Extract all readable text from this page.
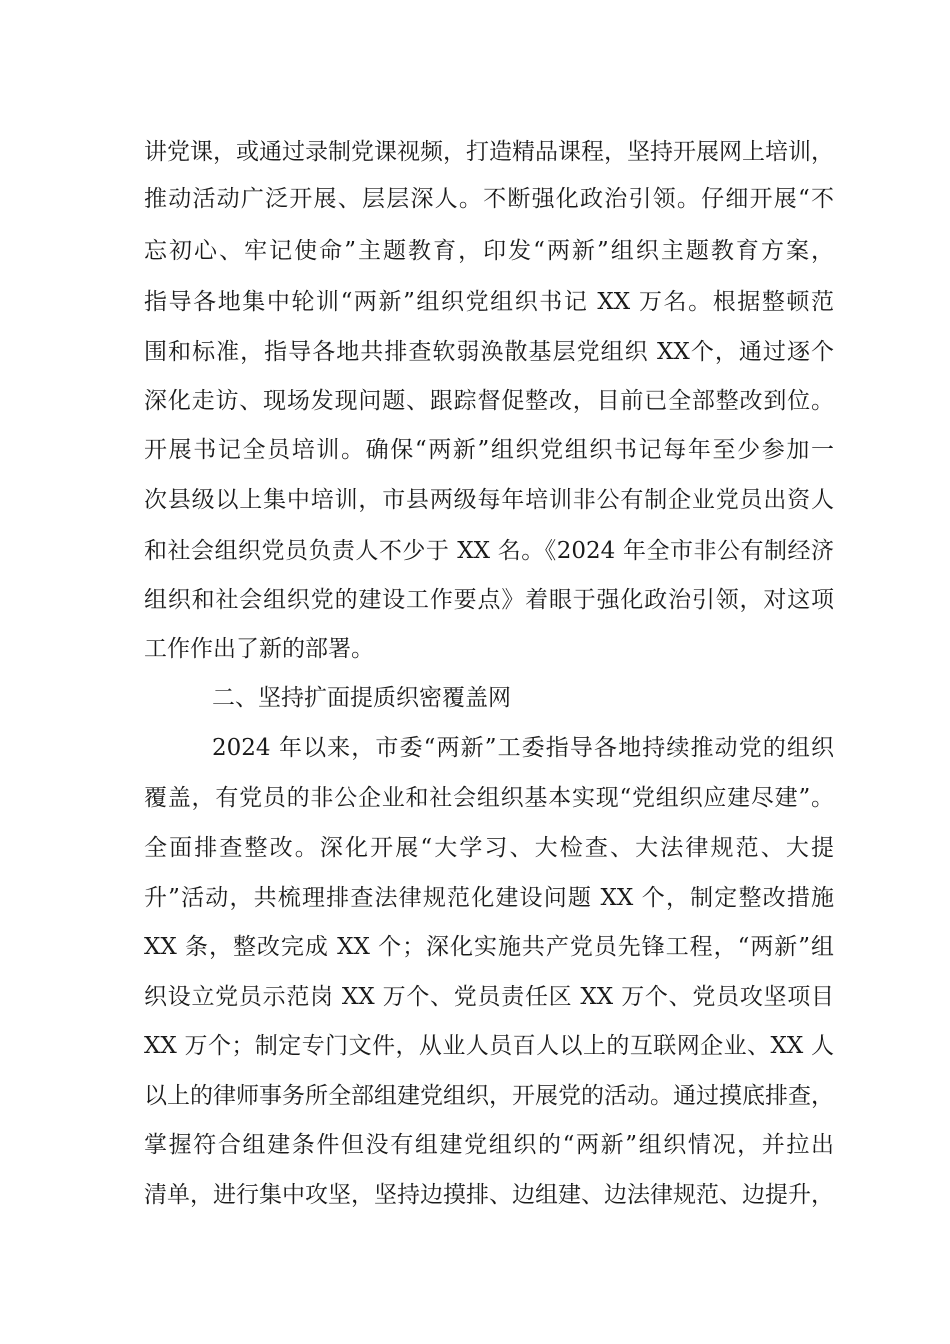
讲党课，或通过录制党课视频，打造精品课程，坚持开展网上培训，
推动活动广泛开展、层层深人。不断强化政治引领。仔细开展“不
忘初心、牢记使命”主题教育，印发“两新”组织主题教育方案，
指导各地集中轮训“两新”组织党组织书记 XX 万名。根据整顿范
围和标准，指导各地共排查软弱涣散基层党组织 XX个，通过逐个
深化走访、现场发现问题、跟踪督促整改，目前已全部整改到位。
开展书记全员培训。确保“两新”组织党组织书记每年至少参加一
次县级以上集中培训，市县两级每年培训非公有制企业党员出资人
和社会组织党员负责人不少于 XX 名。《2024 年全市非公有制经济
组织和社会组织党的建设工作要点》着眼于强化政治引领，对这项
工作作出了新的部署。
二、坚持扩面提质织密覆盖网
2024 年以来，市委“两新”工委指导各地持续推动党的组织
覆盖，有党员的非公企业和社会组织基本实现“党组织应建尽建”。
全面排查整改。深化开展“大学习、大检查、大法律规范、大提
升”活动，共梳理排查法律规范化建设问题 XX 个，制定整改措施
XX 条，整改完成 XX 个；深化实施共产党员先锋工程，“两新”组
织设立党员示范岗 XX 万个、党员责任区 XX 万个、党员攻坚项目
XX 万个；制定专门文件，从业人员百人以上的互联网企业、XX 人
以上的律师事务所全部组建党组织，开展党的活动。通过摸底排查，
掌握符合组建条件但没有组建党组织的“两新”组织情况，并拉出
清单，进行集中攻坚，坚持边摸排、边组建、边法律规范、边提升，
